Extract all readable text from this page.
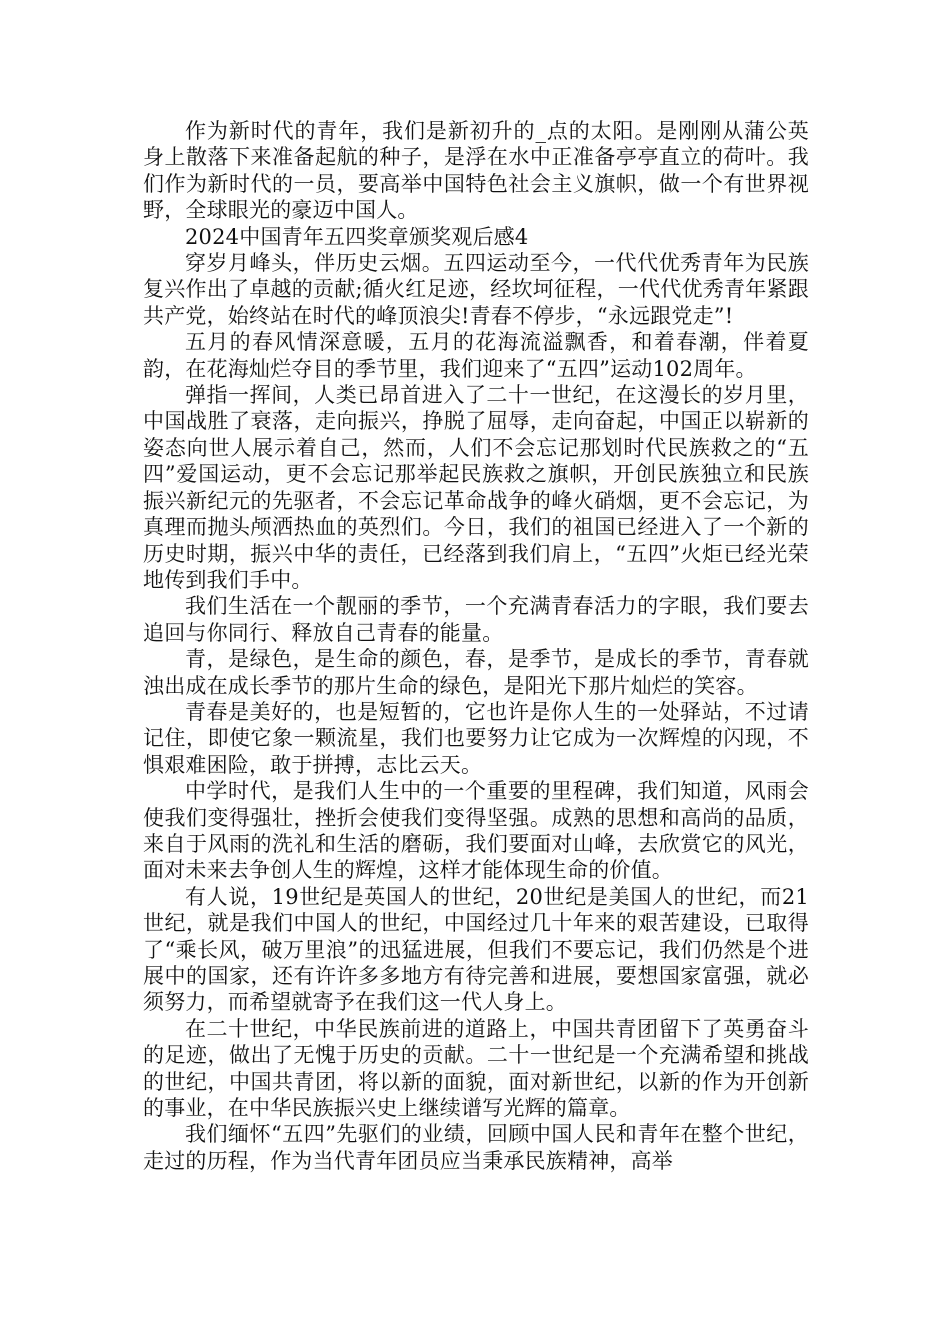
作为新时代的青年，我们是新初升的_点的太阳。是刚刚从蒲公英身上散落下来准备起航的种子，是浮在水中正准备亭亭直立的荷叶。我们作为新时代的一员，要高举中国特色社会主义旗帜，做一个有世界视野，全球眼光的豪迈中国人。

2024中国青年五四奖章颁奖观后感4

穿岁月峰头，伴历史云烟。五四运动至今，一代代优秀青年为民族复兴作出了卓越的贡献;循火红足迹，经坎坷征程，一代代优秀青年紧跟共产党，始终站在时代的峰顶浪尖!青春不停步，“永远跟党走”!

五月的春风情深意暖，五月的花海流溢飘香，和着春潮，伴着夏韵，在花海灿烂夺目的季节里，我们迎来了“五四”运动102周年。

弹指一挥间，人类已昂首进入了二十一世纪，在这漫长的岁月里，中国战胜了衰落，走向振兴，挣脱了屈辱，走向奋起，中国正以崭新的姿态向世人展示着自己，然而，人们不会忘记那划时代民族救之的“五四”爱国运动，更不会忘记那举起民族救之旗帜，开创民族独立和民族振兴新纪元的先驱者，不会忘记革命战争的峰火硝烟，更不会忘记，为真理而抛头颅洒热血的英烈们。今日，我们的祖国已经进入了一个新的历史时期，振兴中华的责任，已经落到我们肩上，“五四”火炬已经光荣地传到我们手中。

我们生活在一个靓丽的季节，一个充满青春活力的字眼，我们要去追回与你同行、释放自己青春的能量。

青，是绿色，是生命的颜色，春，是季节，是成长的季节，青春就浊出成在成长季节的那片生命的绿色，是阳光下那片灿烂的笑容。

青春是美好的，也是短暂的，它也许是你人生的一处驿站，不过请记住，即使它象一颗流星，我们也要努力让它成为一次辉煌的闪现，不惧艰难困险，敢于拼搏，志比云天。

中学时代，是我们人生中的一个重要的里程碑，我们知道，风雨会使我们变得强壮，挫折会使我们变得坚强。成熟的思想和高尚的品质，来自于风雨的洗礼和生活的磨砺，我们要面对山峰，去欣赏它的风光，面对未来去争创人生的辉煌，这样才能体现生命的价值。

有人说，19世纪是英国人的世纪，20世纪是美国人的世纪，而21世纪，就是我们中国人的世纪，中国经过几十年来的艰苦建设，已取得了“乘长风，破万里浪”的迅猛进展，但我们不要忘记，我们仍然是个进展中的国家，还有许许多多地方有待完善和进展，要想国家富强，就必须努力，而希望就寄予在我们这一代人身上。

在二十世纪，中华民族前进的道路上，中国共青团留下了英勇奋斗的足迹，做出了无愧于历史的贡献。二十一世纪是一个充满希望和挑战的世纪，中国共青团，将以新的面貌，面对新世纪，以新的作为开创新的事业，在中华民族振兴史上继续谱写光辉的篇章。

我们缅怀“五四”先驱们的业绩，回顾中国人民和青年在整个世纪，走过的历程，作为当代青年团员应当秉承民族精神，高举
